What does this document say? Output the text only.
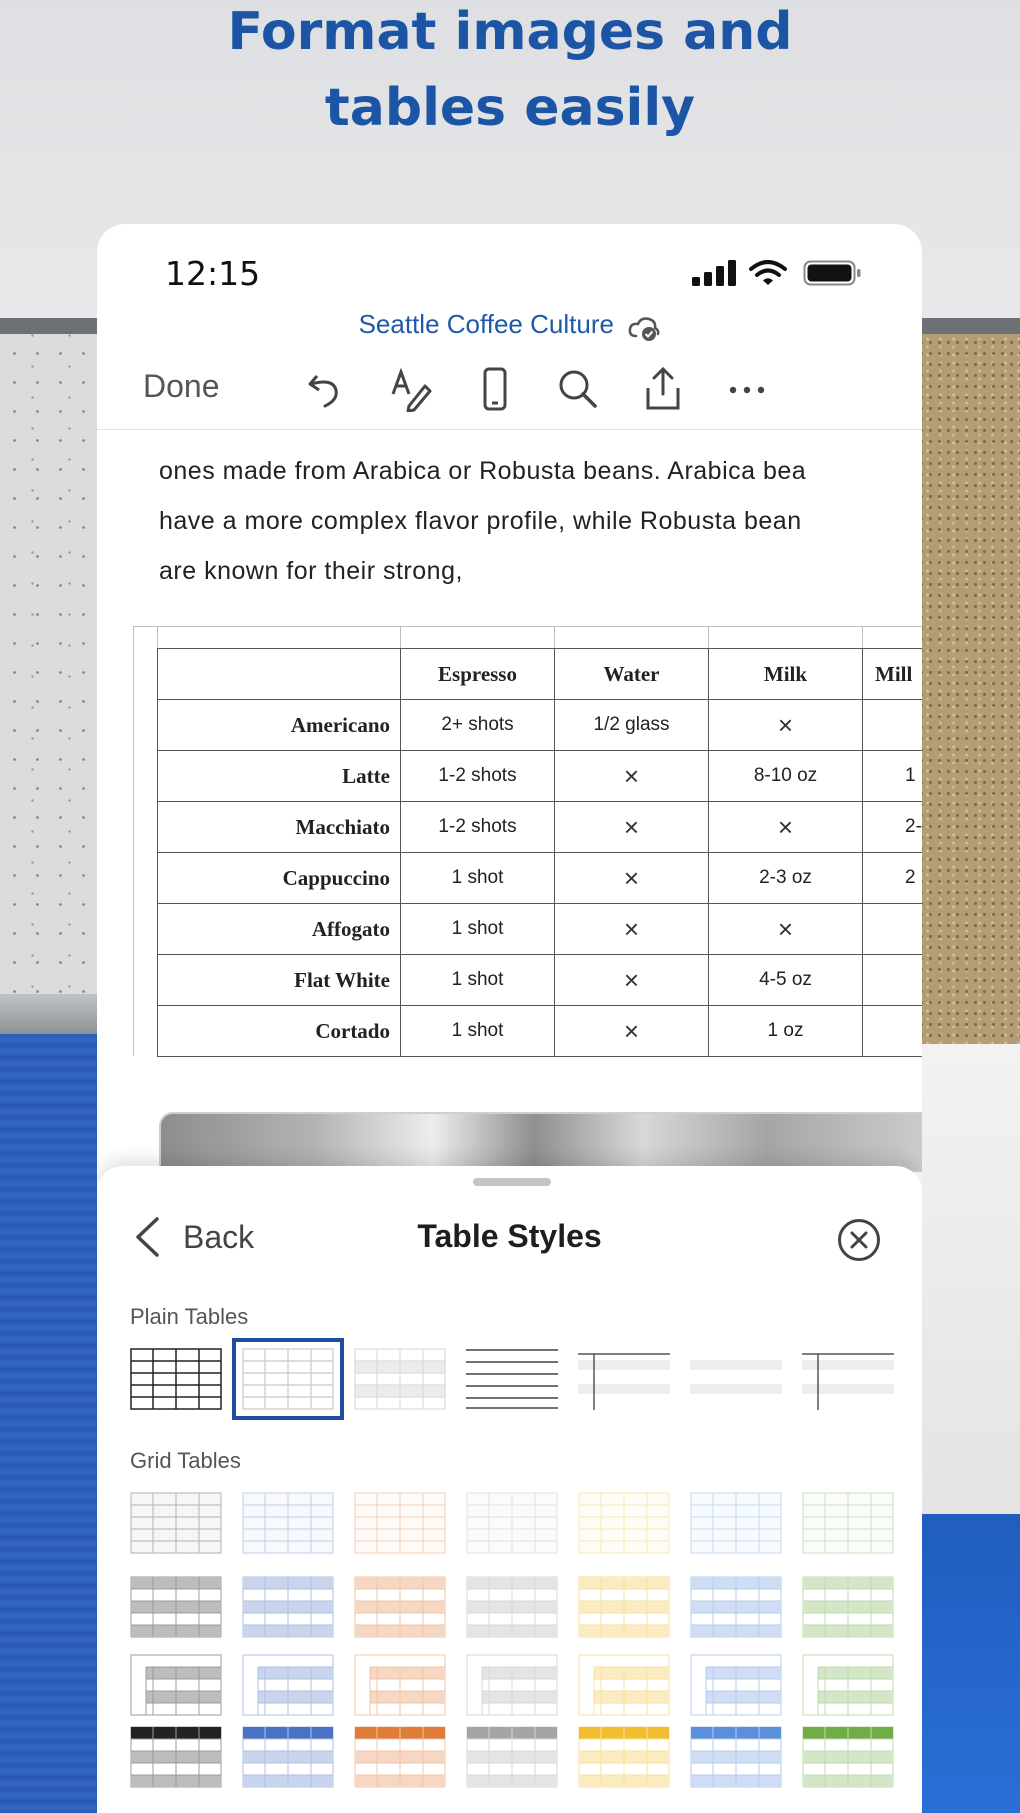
Format images and
tables easily
12:15
Seattle Coffee Culture
Done
ones made from Arabica or Robusta beans. Arabica bea
have a more complex flavor profile, while Robusta bean
are known for their strong,
	Espresso	Water	Milk	Mill
Americano	2+ shots	1/2 glass	×	
Latte	1-2 shots	×	8-10 oz	1
Macchiato	1-2 shots	×	×	2-
Cappuccino	1 shot	×	2-3 oz	2
Affogato	1 shot	×	×	
Flat White	1 shot	×	4-5 oz	
Cortado	1 shot	×	1 oz	
Back	Table Styles
Plain Tables
Grid Tables
